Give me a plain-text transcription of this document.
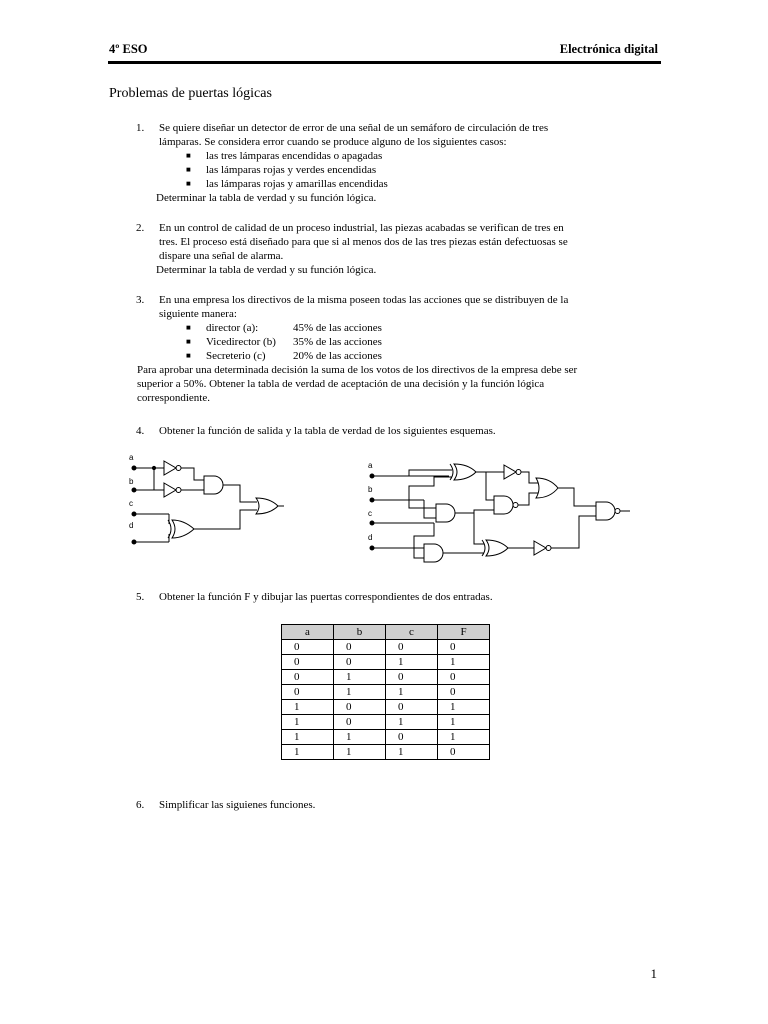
4º ESO	Electrónica digital
Problemas de puertas lógicas
1. Se quiere diseñar un detector de error de una señal de un semáforo de circulación de tres
lámparas. Se considera error cuando se produce alguno de los siguientes casos:
■ las tres lámparas encendidas o apagadas
■ las lámparas rojas y verdes encendidas
■ las lámparas rojas y amarillas encendidas
Determinar la tabla de verdad y su función lógica.
2. En un control de calidad de un proceso industrial, las piezas acabadas se verifican de tres en
tres. El proceso está diseñado para que si al menos dos de las tres piezas están defectuosas se
dispare una señal de alarma.
Determinar la tabla de verdad y su función lógica.
3. En una empresa los directivos de la misma poseen todas las acciones que se distribuyen de la
siguiente manera:
■ director (a):	45% de las acciones
■ Vicedirector (b) 35% de las acciones
■ Secreterio (c) 20% de las acciones
Para aprobar una determinada decisión la suma de los votos de los directivos de la empresa debe ser
superior a 50%. Obtener la tabla de verdad de aceptación de una decisión y la función lógica
correspondiente.
4. Obtener la función de salida y la tabla de verdad de los siguientes esquemas.
a
b
c
d
a
b
c
d
5. Obtener la función F y dibujar las puertas correspondientes de dos entradas.
a	b	c	F
0	0	0	0
0	0	1	1
0	1	0	0
0	1	1	0
1	0	0	1
1	0	1	1
1	1	0	1
1	1	1	0
6. Simplificar las siguienes funciones.
1
